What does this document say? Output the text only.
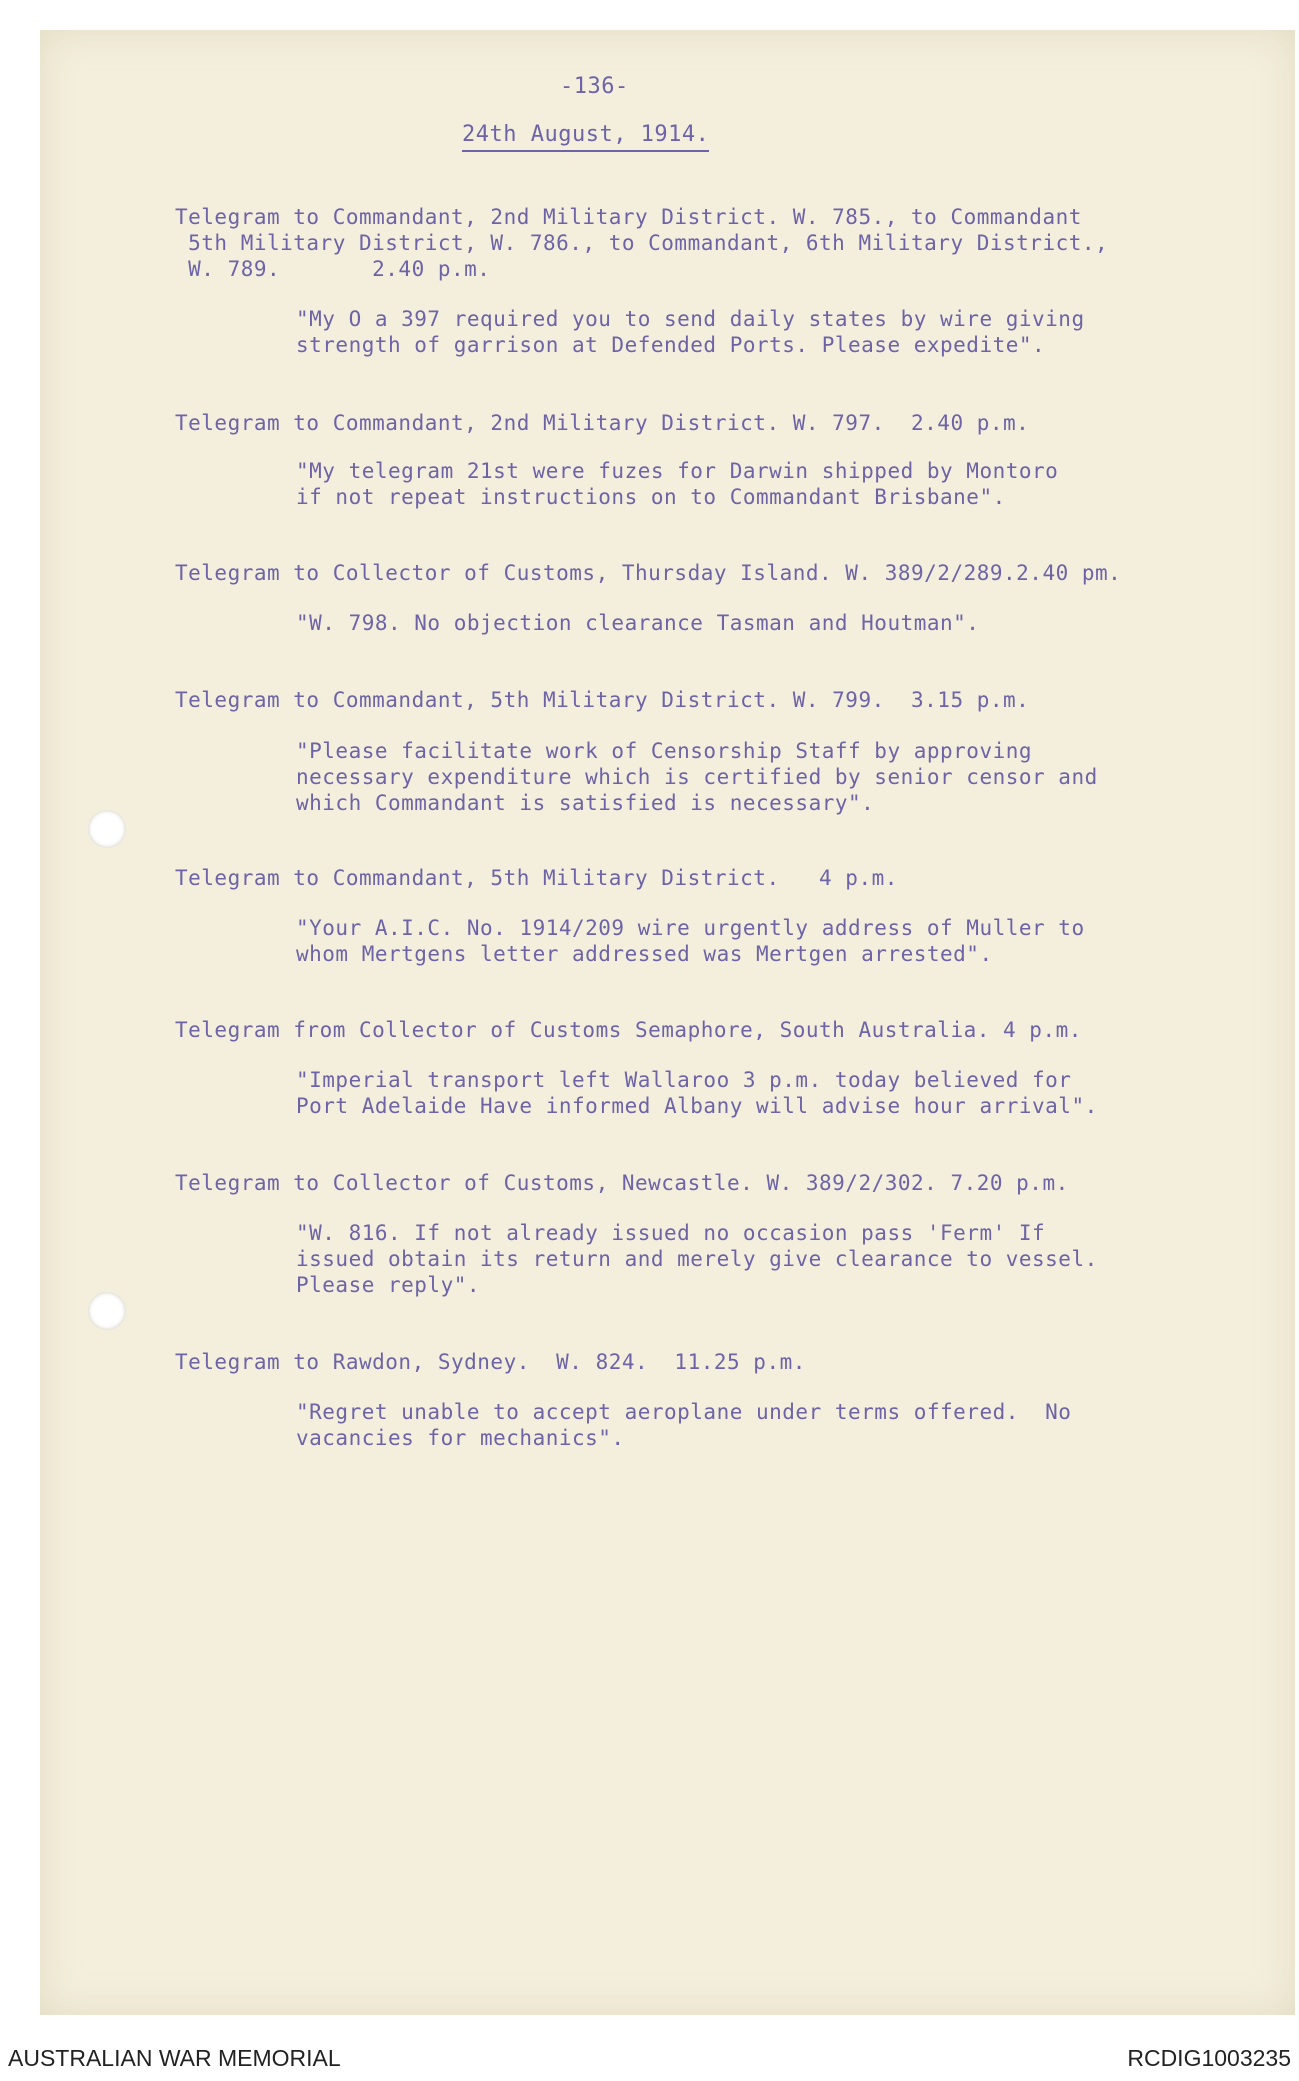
-136-
24th August, 1914.
Telegram to Commandant, 2nd Military District. W. 785., to Commandant
5th Military District, W. 786., to Commandant, 6th Military District.,
W. 789.       2.40 p.m.
"My O a 397 required you to send daily states by wire giving
strength of garrison at Defended Ports. Please expedite".
Telegram to Commandant, 2nd Military District. W. 797.  2.40 p.m.
"My telegram 21st were fuzes for Darwin shipped by Montoro
if not repeat instructions on to Commandant Brisbane".
Telegram to Collector of Customs, Thursday Island. W. 389/2/289.2.40 pm.
"W. 798. No objection clearance Tasman and Houtman".
Telegram to Commandant, 5th Military District. W. 799.  3.15 p.m.
"Please facilitate work of Censorship Staff by approving
necessary expenditure which is certified by senior censor and
which Commandant is satisfied is necessary".
Telegram to Commandant, 5th Military District.   4 p.m.
"Your A.I.C. No. 1914/209 wire urgently address of Muller to
whom Mertgens letter addressed was Mertgen arrested".
Telegram from Collector of Customs Semaphore, South Australia. 4 p.m.
"Imperial transport left Wallaroo 3 p.m. today believed for
Port Adelaide Have informed Albany will advise hour arrival".
Telegram to Collector of Customs, Newcastle. W. 389/2/302. 7.20 p.m.
"W. 816. If not already issued no occasion pass 'Ferm' If
issued obtain its return and merely give clearance to vessel.
Please reply".
Telegram to Rawdon, Sydney.  W. 824.  11.25 p.m.
"Regret unable to accept aeroplane under terms offered.  No
vacancies for mechanics".
AUSTRALIAN WAR MEMORIAL	RCDIG1003235
